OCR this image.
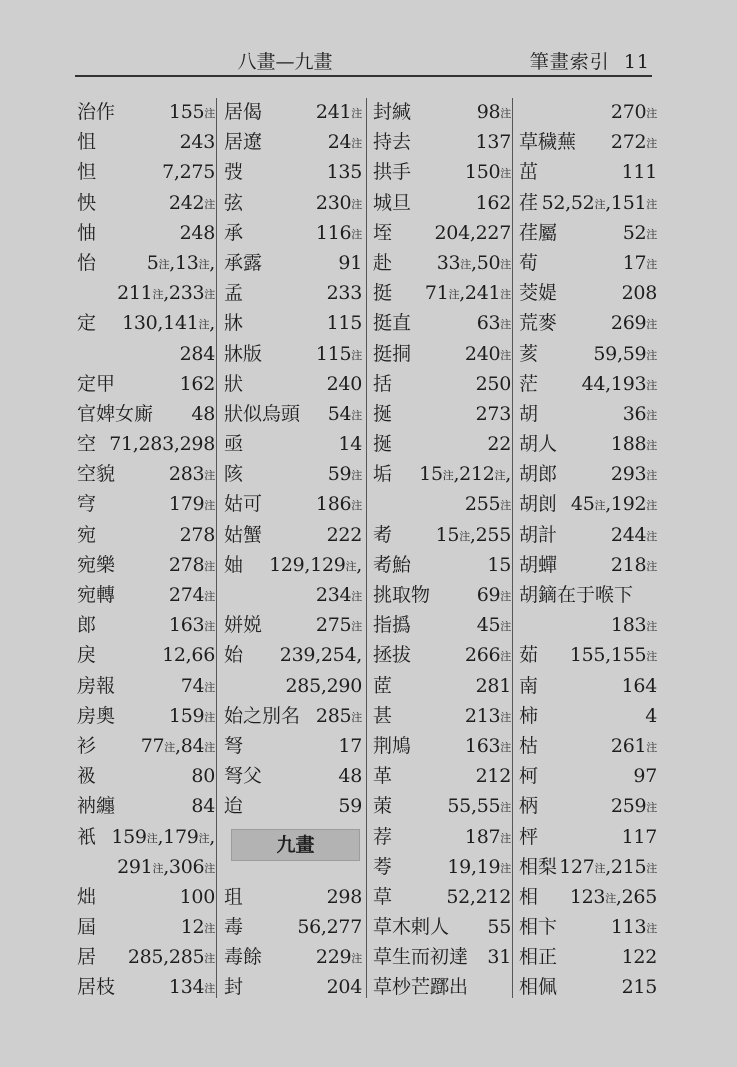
八畫—九畫	筆畫索引 11
治作	155注
怚	243
怛	7,275
怏	242注
怞	248
怡	5注,13注,
211注,233注
定 130,141注,
284
定甲	162
官婢女廝 48
空 71,283,298
空貌	283注
穹	179注
宛	278
宛樂	278注
宛轉	274注
郎	163注
戾	12,66
房報	74注
房奧	159注
衫 77注,84注
衱	80
衲纏	84
衹 159注,179注,
291注,306注
炪	100
屆	12注
居 285,285注
居枝	134注
居偈	241注
居遼	24注
弢	135
弦	230注
承	116注
承露	91
孟	233
牀	115
牀版	115注
狀	240
狀似烏頭 54注
亟	14
陔	59注
姑可	186注
姑蟹	222
妯 129,129注,
234注
姘娧	275注
始 239,254,
285,290
始之別名 285注
弩	17
弩父	48
迨	59
珇	298
毒	56,277
毒餘	229注
封	204
封緘	98注
持去	137
拱手	150注
城旦	162
垤 204,227
赴 33注,50注
挺 71注,241注
挺直	63注
挺挏	240注
括	250
挻	273
挻	22
垢 15注,212注,
255注
耇 15注,255
耇鮐	15
挑取物 69注
指撝	45注
拯拔	266注
茝	281
甚	213注
荆鳩	163注
革	212
茦	55,55注
荐	187注
荂	19,19注
草	52,212
草木剌人 55
草生而初達 31
草杪芒䠬出
270注
草穢蕪 272注
茁	111
荏 52,52注,151注
荏屬	52注
荀	17注
茭媞	208
荒麥	269注
荄	59,59注
茫 44,193注
胡	36注
胡人	188注
胡郎	293注
胡剆 45注,192注
胡計	244注
胡蟬	218注
胡鏑在于喉下
183注
茹 155,155注
南	164
柿	4
枯	261注
柯	97
柄	259注
枰	117
相梨 127注,215注
相 123注,265
相卞	113注
相正	122
相佩	215
九畫
